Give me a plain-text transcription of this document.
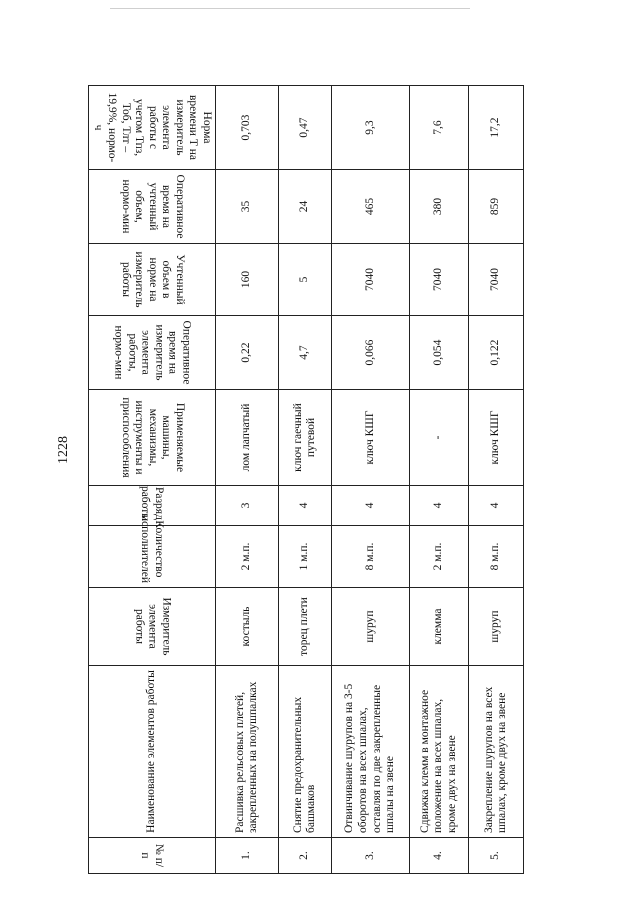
1228
№ п/п	Наименование элементов работы	Измеритель элемента работы	Количество исполнителей	Разряд работы	Применяемые машины, механизмы, инструменты и приспособления	Оперативное время на измеритель элемента работы, нормо-мин	Учтенный объем в норме на измеритель работы	Оперативное время на учтенный объем, нормо-мин	Норма времени Т на измеритель элемента работы с учетом Тпз, Тоб, Тлт – 19,9%, нормо-ч
1.	Расшивка рельсовых плетей, закрепленных на полушпалках	костыль	2 м.п.	3	лом лапчатый	0,22	160	35	0,703
2.	Снятие предохранительных башмаков	торец плети	1 м.п.	4	ключ гаечный путевой	4,7	5	24	0,47
3.	Отвинчивание шурупов на 3-5 оборотов на всех шпалах, оставляя по две закрепленные шпалы на звене	шуруп	8 м.п.	4	ключ КШГ	0,066	7040	465	9,3
4.	Сдвижка клемм в монтажное положение на всех шпалах, кроме двух на звене	клемма	2 м.п.	4	-	0,054	7040	380	7,6
5.	Закрепление шурупов на всех шпалах, кроме двух на звене	шуруп	8 м.п.	4	ключ КШГ	0,122	7040	859	17,2
